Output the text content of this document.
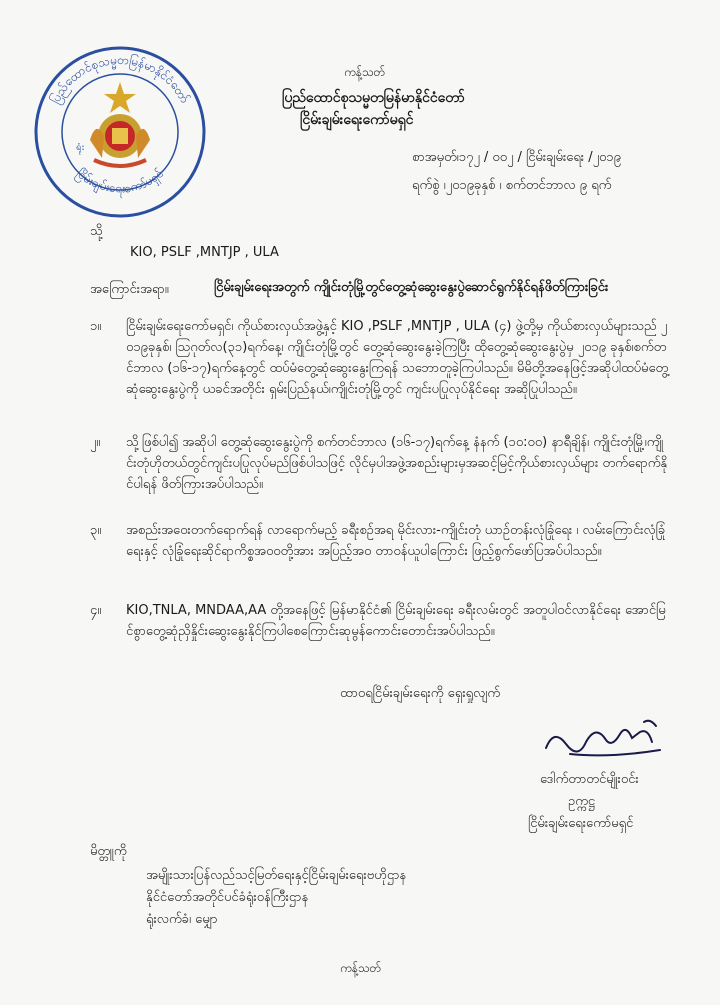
ပြည်ထောင်စုသမ္မတမြန်မာနိုင်ငံတော်
ငြိမ်းချမ်းရေးကော်မရှင်
ရုံး
ကန့်သတ်
ပြည်ထောင်စုသမ္မတမြန်မာနိုင်ငံတော်
ငြိမ်းချမ်းရေးကော်မရှင်
စာအမှတ်၊၁၇၂ / ၀၀၂ / ငြိမ်းချမ်းရေး /၂၀၁၉
ရက်စွဲ ၊၂၀၁၉ခုနှစ် ၊ စက်တင်ဘာလ ၉ ရက်
သို့
KIO, PSLF ,MNTJP , ULA
အကြောင်းအရာ။	ငြိမ်းချမ်းရေးအတွက် ကျိုင်းတုံမြို့တွင်တွေ့ဆုံဆွေးနွေးပွဲဆောင်ရွက်နိုင်ရန်ဖိတ်ကြားခြင်း
၁။ ငြိမ်းချမ်းရေးကော်မရှင်၊ ကိုယ်စားလှယ်အဖွဲ့နှင့် KIO ,PSLF ,MNTJP , ULA (၄) ဖွဲ့တို့မှ ကိုယ်စားလှယ်များသည် ၂၀၁၉ခုနှစ်၊ ဩဂုတ်လ(၃၁)ရက်နေ့၊ ကျိုင်းတုံမြို့တွင် တွေ့ဆုံဆွေးနွေးခဲ့ကြပြီး ထိုတွေ့ဆုံဆွေးနွေးပွဲမှ ၂၀၁၉ ခုနှစ်၊စက်တင်ဘာလ (၁၆-၁၇)ရက်နေ့တွင် ထပ်မံတွေ့ဆုံဆွေးနွေးကြရန် သဘောတူခဲ့ကြပါသည်။ မိမိတို့အနေဖြင့်အဆိုပါထပ်မံတွေ့ဆုံဆွေးနွေးပွဲကို ယခင်အတိုင်း ရှမ်းပြည်နယ်၊ကျိုင်းတုံမြို့တွင် ကျင်းပပြုလုပ်နိုင်ရေး အဆိုပြုပါသည်။
၂။ သို့ဖြစ်ပါ၍ အဆိုပါ တွေ့ဆုံဆွေးနွေးပွဲကို စက်တင်ဘာလ (၁၆-၁၇)ရက်နေ့ နံနက် (၁၀:၀၀) နာရီချိန်၊ ကျိုင်းတုံမြို့၊ကျိုင်းတုံဟိုတယ်တွင်ကျင်းပပြုလုပ်မည်ဖြစ်ပါသဖြင့် လိုင်မှပါအဖွဲ့အစည်းများမှအဆင့်မြင့်ကိုယ်စားလှယ်များ တက်ရောက်နိုင်ပါရန် ဖိတ်ကြားအပ်ပါသည်။
၃။ အစည်းအဝေးတက်ရောက်ရန် လာရောက်မည့် ခရီးစဉ်အရ မိုင်းလား-ကျိုင်းတုံ ယာဉ်တန်းလုံခြုံရေး ၊ လမ်းကြောင်းလုံခြုံရေးနှင့် လုံခြုံရေးဆိုင်ရာကိစ္စအဝဝတို့အား အပြည့်အဝ တာဝန်ယူပါကြောင်း ဖြည့်စွက်ဖော်ပြအပ်ပါသည်။
၄။ KIO,TNLA, MNDAA,AA တို့အနေဖြင့် မြန်မာနိုင်ငံ၏ ငြိမ်းချမ်းရေး ခရီးလမ်းတွင် အတူပါဝင်လာနိုင်ရေး အောင်မြင်စွာတွေ့ဆုံညှိနှိုင်းဆွေးနွေးနိုင်ကြပါစေကြောင်းဆုမွန်ကောင်းတောင်းအပ်ပါသည်။
ထာဝရငြိမ်းချမ်းရေးကို ရှေးရှုလျက်
ဒေါက်တာတင်မျိုးဝင်း
ဥက္ကဋ္ဌ
ငြိမ်းချမ်းရေးကော်မရှင်
မိတ္တူကို
အမျိုးသားပြန်လည်သင့်မြတ်ရေးနှင့်ငြိမ်းချမ်းရေးဗဟိုဌာန
နိုင်ငံတော်အတိုင်ပင်ခံရုံးဝန်ကြီးဌာန
ရုံးလက်ခံ၊ မျှော
ကန့်သတ်
